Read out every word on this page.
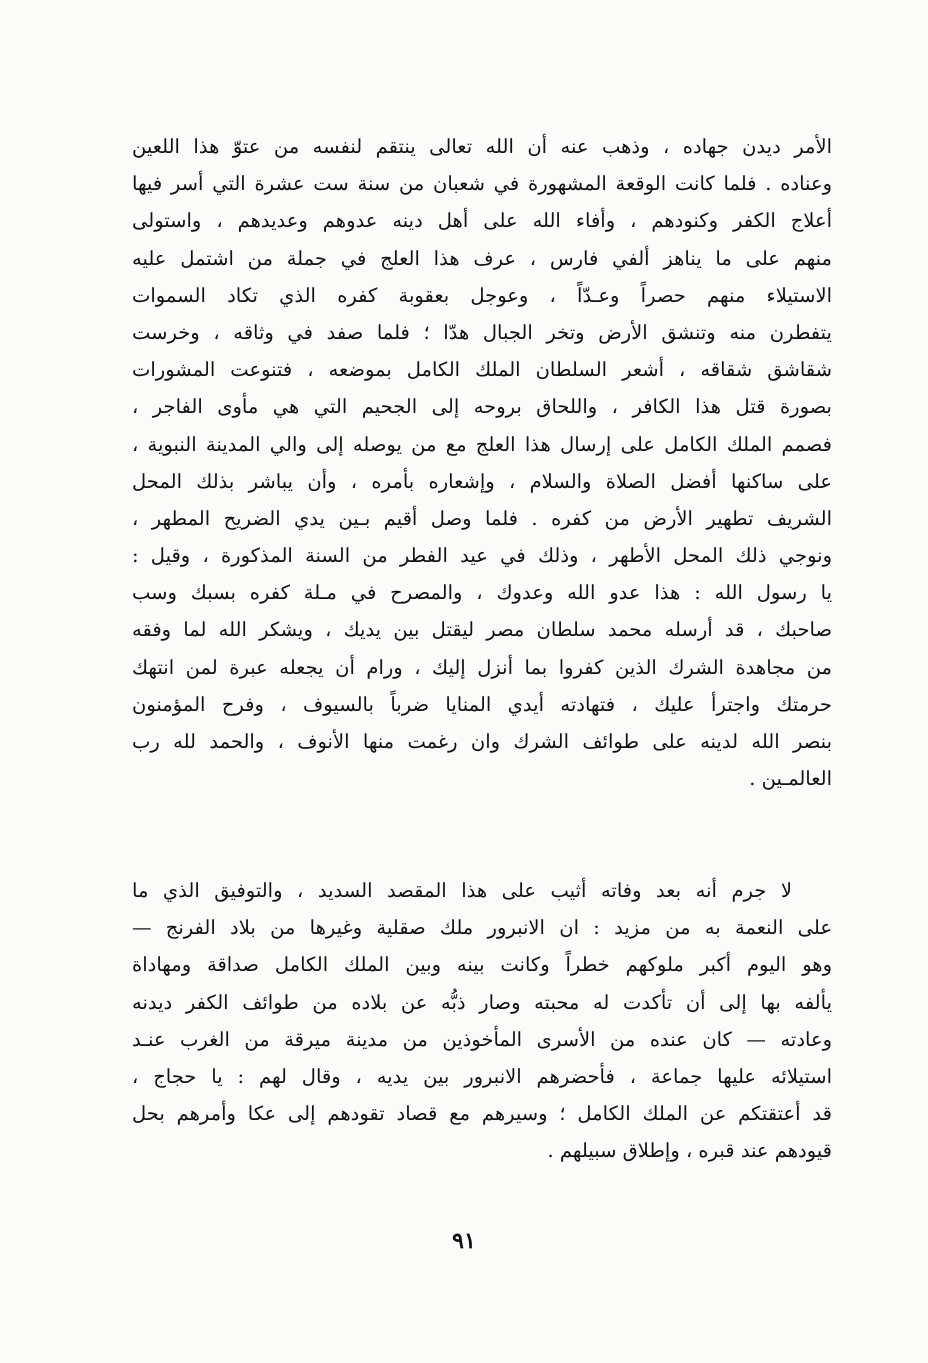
الأمر ديدن جهاده ، وذهب عنه أن الله تعالى ينتقم لنفسه من عتوّ هذا اللعين
وعناده . فلما كانت الوقعة المشهورة في شعبان من سنة ست عشرة التي أسر فيها
أعلاج الكفر وكنودهم ، وأفاء الله على أهل دينه عدوهم وعديدهم ، واستولى
منهم على ما يناهز ألفي فارس ، عرف هذا العلج في جملة من اشتمل عليه
الاستيلاء منهم حصراً وعـدّاً ، وعوجل بعقوبة كفره الذي تكاد السموات
يتفطرن منه وتنشق الأرض وتخر الجبال هدّا ؛ فلما صفد في وثاقه ، وخرست
شقاشق شقاقه ، أشعر السلطان الملك الكامل بموضعه ، فتنوعت المشورات
بصورة قتل هذا الكافر ، واللحاق بروحه إلى الجحيم التي هي مأوى الفاجر ،
فصمم الملك الكامل على إرسال هذا العلج مع من يوصله إلى والي المدينة النبوية ،
على ساكنها أفضل الصلاة والسلام ، وإشعاره بأمره ، وأن يباشر بذلك المحل
الشريف تطهير الأرض من كفره . فلما وصل أقيم بـين يدي الضريح المطهر ،
ونوجي ذلك المحل الأطهر ، وذلك في عيد الفطر من السنة المذكورة ، وقيل :
يا رسول الله : هذا عدو الله وعدوك ، والمصرح في مـلة كفره بسبك وسب
صاحبك ، قد أرسله محمد سلطان مصر ليقتل بين يديك ، ويشكر الله لما وفقه
من مجاهدة الشرك الذين كفروا بما أنزل إليك ، ورام أن يجعله عبرة لمن انتهك
حرمتك واجترأ عليك ، فتهادته أيدي المنايا ضرباً بالسيوف ، وفرح المؤمنون
بنصر الله لدينه على طوائف الشرك وان رغمت منها الأنوف ، والحمد لله رب
العالمـين .
لا جرم أنه بعد وفاته أثيب على هذا المقصد السديد ، والتوفيق الذي ما
على النعمة به من مزيد : ان الانبرور ملك صقلية وغيرها من بلاد الفرنج —
وهو اليوم أكبر ملوكهم خطراً وكانت بينه وبين الملك الكامل صداقة ومهاداة
يألفه بها إلى أن تأكدت له محبته وصار ذبُّه عن بلاده من طوائف الكفر ديدنه
وعادته — كان عنده من الأسرى المأخوذين من مدينة ميرقة من الغرب عنـد
استيلائه عليها جماعة ، فأحضرهم الانبرور بين يديه ، وقال لهم : يا حجاج ،
قد أعتقتكم عن الملك الكامل ؛ وسيرهم مع قصاد تقودهم إلى عكا وأمرهم بحل
قيودهم عند قبره ، وإطلاق سبيلهم .
٩١
